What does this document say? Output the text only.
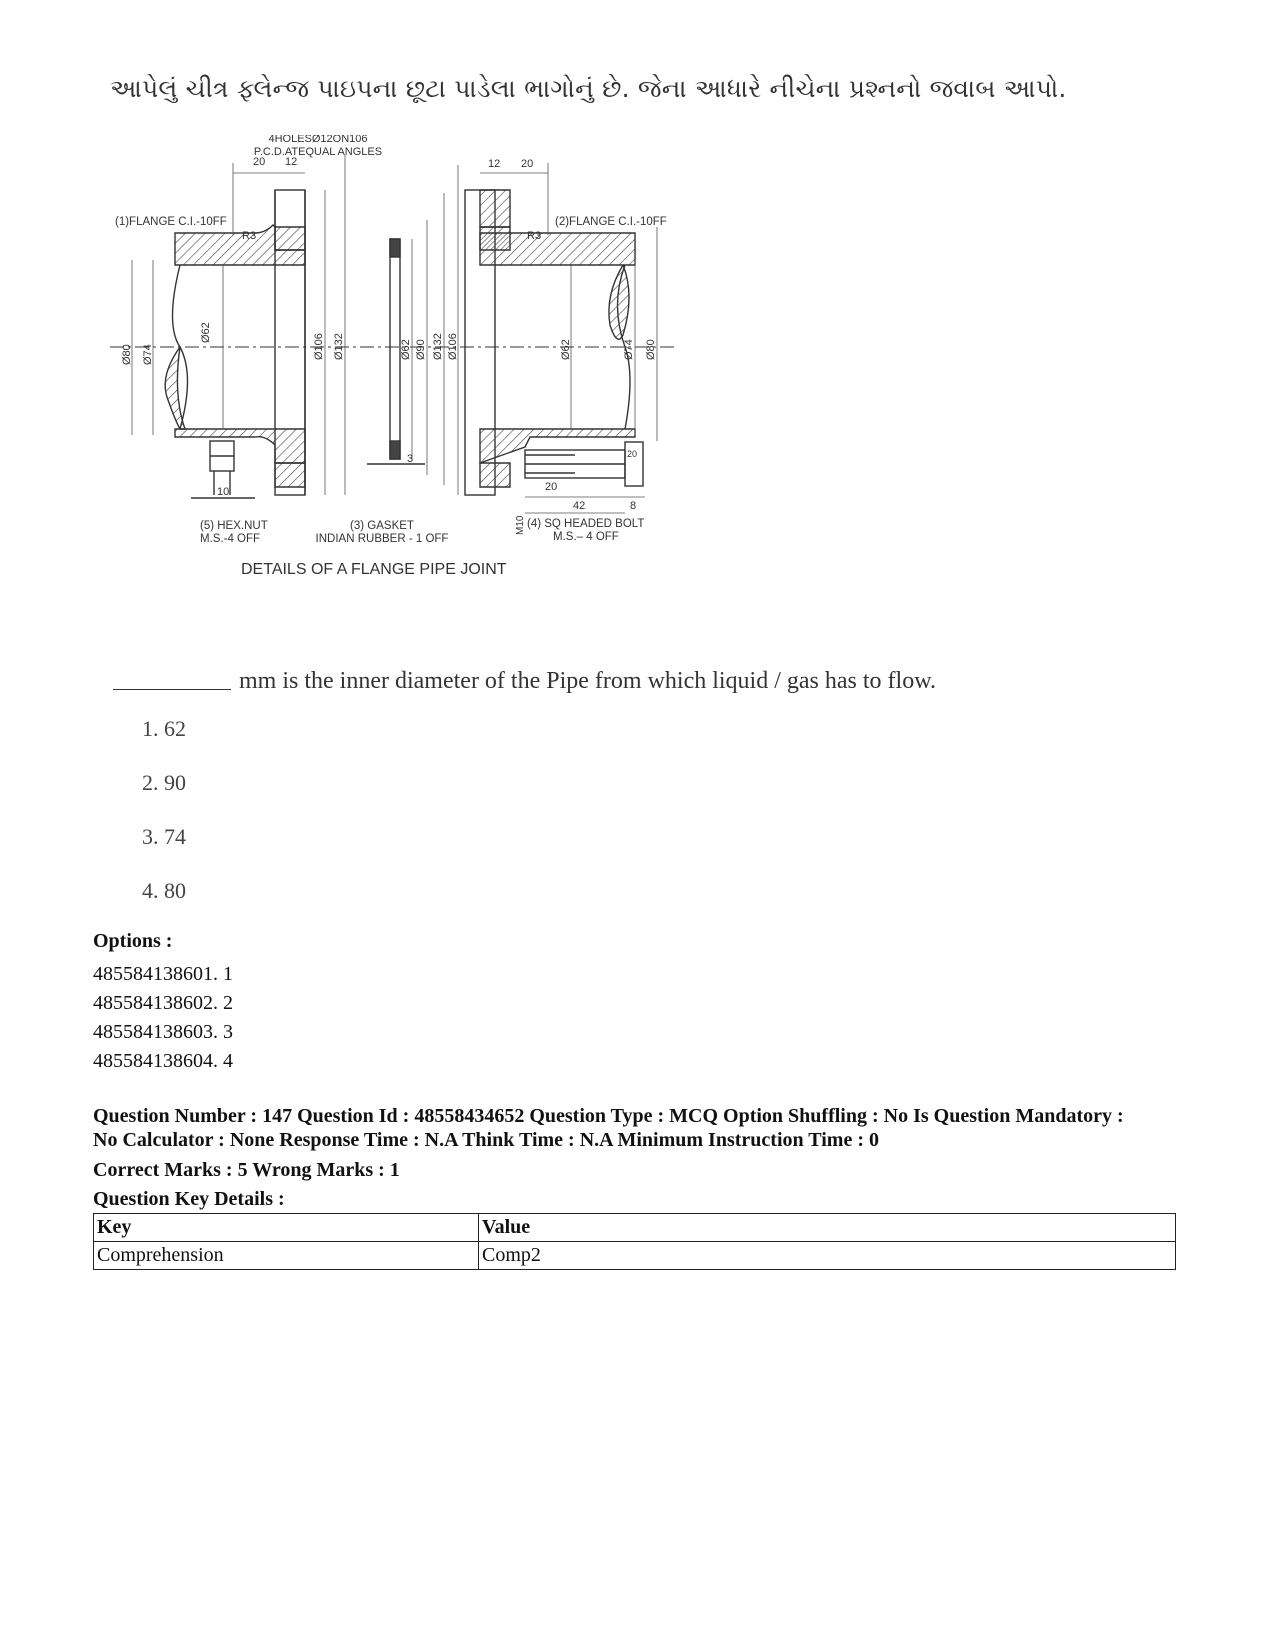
આપેલું ચીત્ર ફ્લેન્જ પાઇપના છૂટા પાડેલા ભાગોનું છે. જેના આધારે નીચેના પ્રશ્નનો જવાબ આપો.
4HOLESØ12ON106
P.C.D.ATEQUAL ANGLES
20 12	12 20
(1)FLANGE C.I.-10FF	(2)FLANGE C.I.-10FF
R3	R3
Ø80 Ø74
Ø62
Ø106 Ø132	Ø62 Ø90 Ø132 Ø106	Ø62	Ø74 Ø80
10
3
M10
20
42	8
20
(5) HEX.NUT
M.S.-4 OFF
(3) GASKET
INDIAN RUBBER - 1 OFF
(4) SQ HEADED BOLT
M.S.– 4 OFF
DETAILS OF A FLANGE PIPE JOINT
mm is the inner diameter of the Pipe from which liquid / gas has to flow.
1. 62
2. 90
3. 74
4. 80
Options :
485584138601. 1
485584138602. 2
485584138603. 3
485584138604. 4

Question Number : 147 Question Id : 48558434652 Question Type : MCQ Option Shuffling : No Is Question Mandatory :

No Calculator : None Response Time : N.A Think Time : N.A Minimum Instruction Time : 0

Correct Marks : 5 Wrong Marks : 1
Question Key Details :
Key	Value
Comprehension	Comp2
